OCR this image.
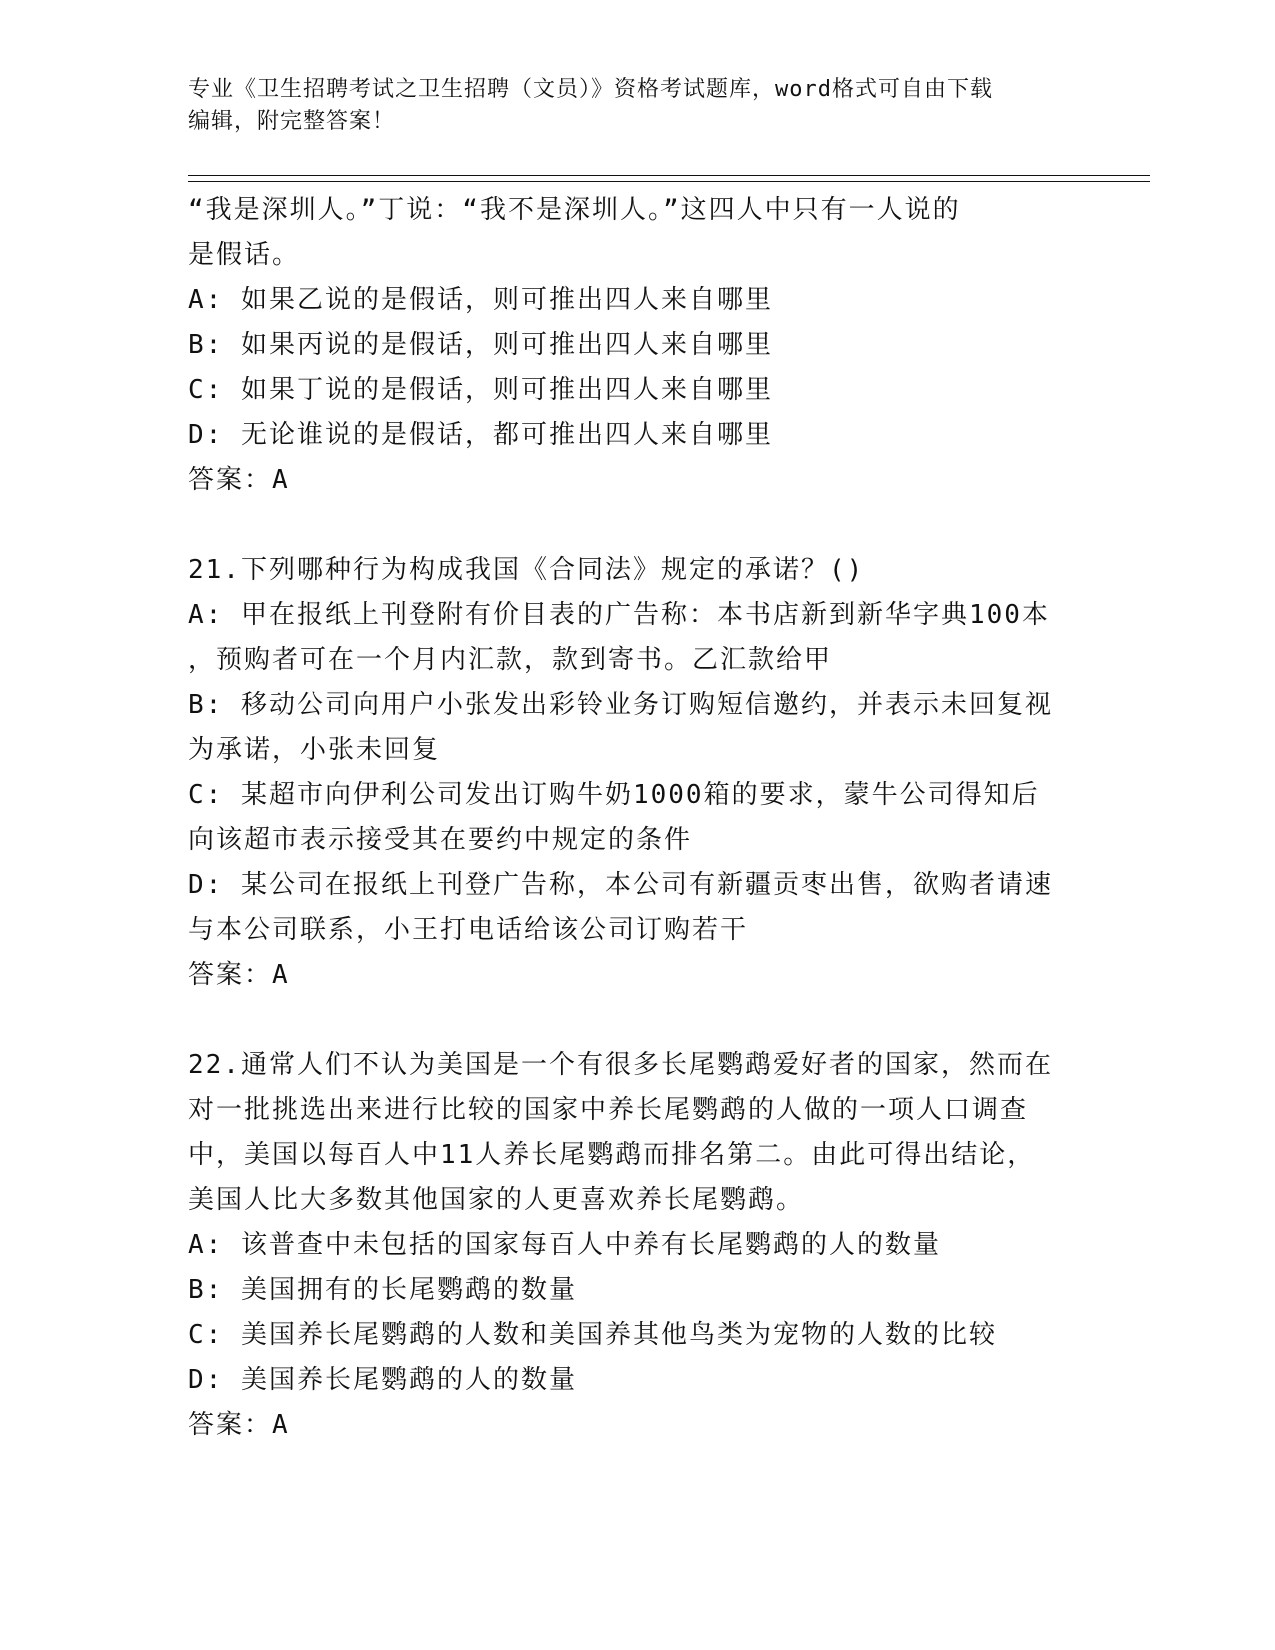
专业《卫生招聘考试之卫生招聘（文员）》资格考试题库，word格式可自由下载
编辑，附完整答案！
“我是深圳人。”丁说：“我不是深圳人。”这四人中只有一人说的
是假话。
A: 如果乙说的是假话，则可推出四人来自哪里
B: 如果丙说的是假话，则可推出四人来自哪里
C: 如果丁说的是假话，则可推出四人来自哪里
D: 无论谁说的是假话，都可推出四人来自哪里
答案：A
21.下列哪种行为构成我国《合同法》规定的承诺？()
A: 甲在报纸上刊登附有价目表的广告称：本书店新到新华字典100本
，预购者可在一个月内汇款，款到寄书。乙汇款给甲
B: 移动公司向用户小张发出彩铃业务订购短信邀约，并表示未回复视
为承诺，小张未回复
C: 某超市向伊利公司发出订购牛奶1000箱的要求，蒙牛公司得知后
向该超市表示接受其在要约中规定的条件
D: 某公司在报纸上刊登广告称，本公司有新疆贡枣出售，欲购者请速
与本公司联系，小王打电话给该公司订购若干
答案：A
22.通常人们不认为美国是一个有很多长尾鹦鹉爱好者的国家，然而在
对一批挑选出来进行比较的国家中养长尾鹦鹉的人做的一项人口调查
中，美国以每百人中11人养长尾鹦鹉而排名第二。由此可得出结论，
美国人比大多数其他国家的人更喜欢养长尾鹦鹉。
A: 该普查中未包括的国家每百人中养有长尾鹦鹉的人的数量
B: 美国拥有的长尾鹦鹉的数量
C: 美国养长尾鹦鹉的人数和美国养其他鸟类为宠物的人数的比较
D: 美国养长尾鹦鹉的人的数量
答案：A
